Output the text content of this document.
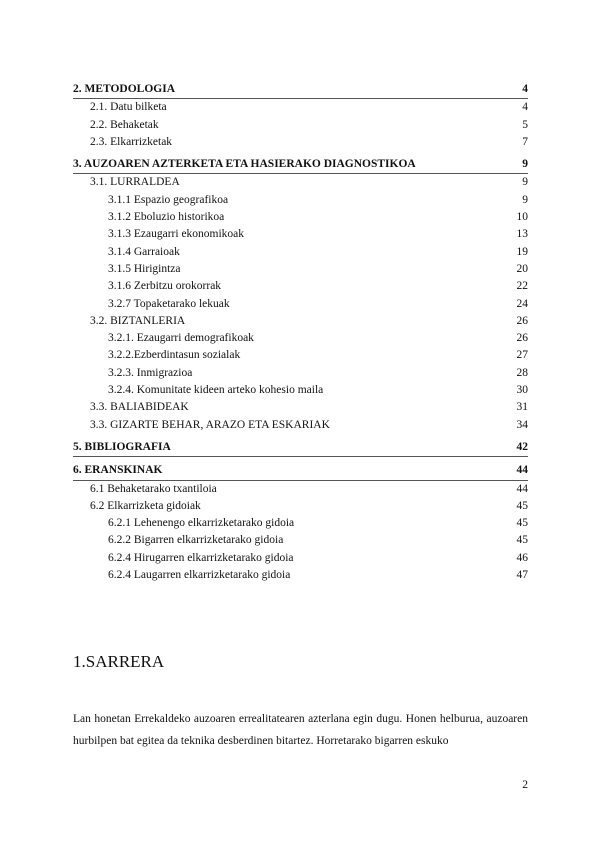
2. METODOLOGIA	4
2.1. Datu bilketa	4
2.2. Behaketak	5
2.3. Elkarrizketak	7
3. AUZOAREN AZTERKETA ETA HASIERAKO DIAGNOSTIKOA	9
3.1. LURRALDEA	9
3.1.1 Espazio geografikoa	9
3.1.2 Eboluzio historikoa	10
3.1.3 Ezaugarri ekonomikoak	13
3.1.4 Garraioak	19
3.1.5 Hirigintza	20
3.1.6 Zerbitzu orokorrak	22
3.2.7 Topaketarako lekuak	24
3.2. BIZTANLERIA	26
3.2.1. Ezaugarri demografikoak	26
3.2.2.Ezberdintasun sozialak	27
3.2.3. Inmigrazioa	28
3.2.4. Komunitate kideen arteko kohesio maila	30
3.3. BALIABIDEAK	31
3.3. GIZARTE BEHAR, ARAZO ETA ESKARIAK	34
5. BIBLIOGRAFIA	42
6. ERANSKINAK	44
6.1 Behaketarako txantiloia	44
6.2 Elkarrizketa gidoiak	45
6.2.1 Lehenengo elkarrizketarako gidoia	45
6.2.2 Bigarren elkarrizketarako gidoia	45
6.2.4 Hirugarren elkarrizketarako gidoia	46
6.2.4 Laugarren elkarrizketarako gidoia	47
1.SARRERA

Lan honetan Errekaldeko auzoaren errealitatearen azterlana egin dugu. Honen helburua, auzoaren hurbilpen bat egitea da teknika desberdinen bitartez. Horretarako bigarren eskuko

2
